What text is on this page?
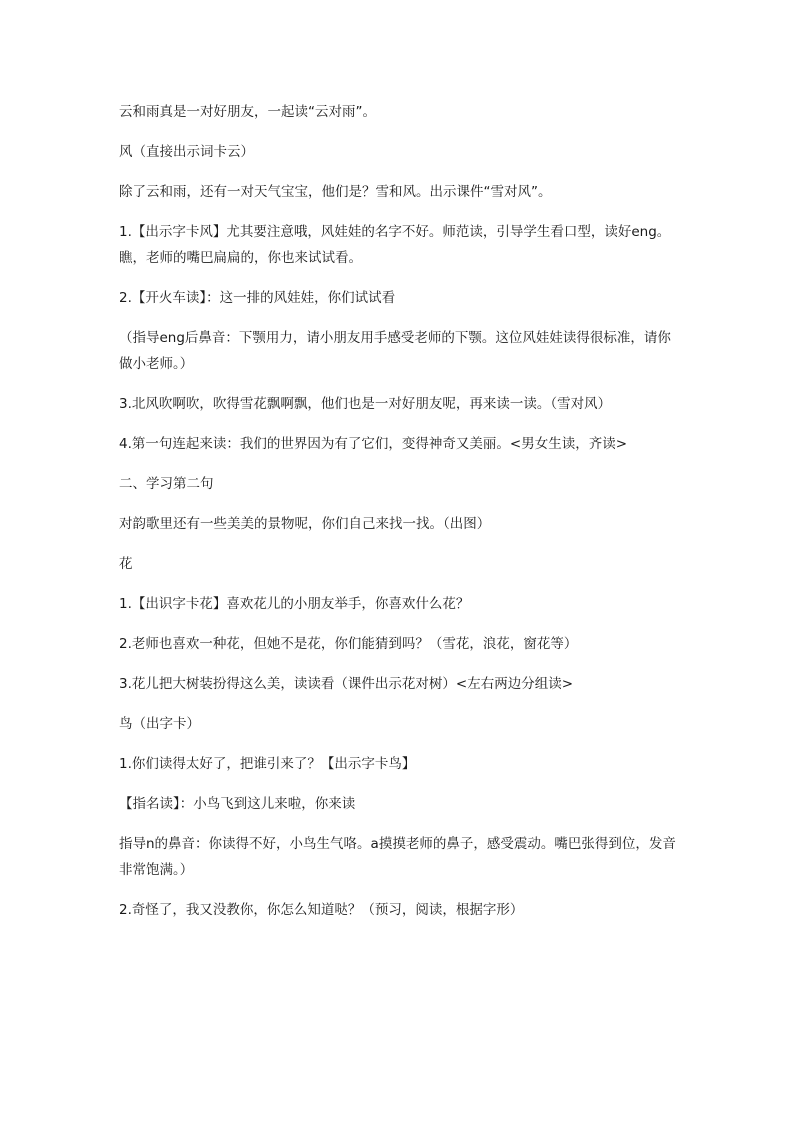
云和雨真是一对好朋友，一起读“云对雨”。

风（直接出示词卡云）

除了云和雨，还有一对天气宝宝，他们是？雪和风。出示课件“雪对风”。

1.【出示字卡风】尤其要注意哦，风娃娃的名字不好。师范读，引导学生看口型，读好eng。瞧，老师的嘴巴扁扁的，你也来试试看。

2.【开火车读】：这一排的风娃娃，你们试试看

（指导eng后鼻音：下颚用力，请小朋友用手感受老师的下颚。这位风娃娃读得很标准，请你做小老师。）

3.北风吹啊吹，吹得雪花飘啊飘，他们也是一对好朋友呢，再来读一读。（雪对风）

4.第一句连起来读：我们的世界因为有了它们，变得神奇又美丽。<男女生读，齐读>

二、学习第二句

对韵歌里还有一些美美的景物呢，你们自己来找一找。（出图）

花

1.【出识字卡花】喜欢花儿的小朋友举手，你喜欢什么花？

2.老师也喜欢一种花，但她不是花，你们能猜到吗？（雪花，浪花，窗花等）

3.花儿把大树装扮得这么美，读读看（课件出示花对树）<左右两边分组读>

鸟（出字卡）

1.你们读得太好了，把谁引来了？【出示字卡鸟】

【指名读】：小鸟飞到这儿来啦，你来读

指导n的鼻音：你读得不好，小鸟生气咯。a摸摸老师的鼻子，感受震动。嘴巴张得到位，发音非常饱满。）

2.奇怪了，我又没教你，你怎么知道哒？（预习，阅读，根据字形）
